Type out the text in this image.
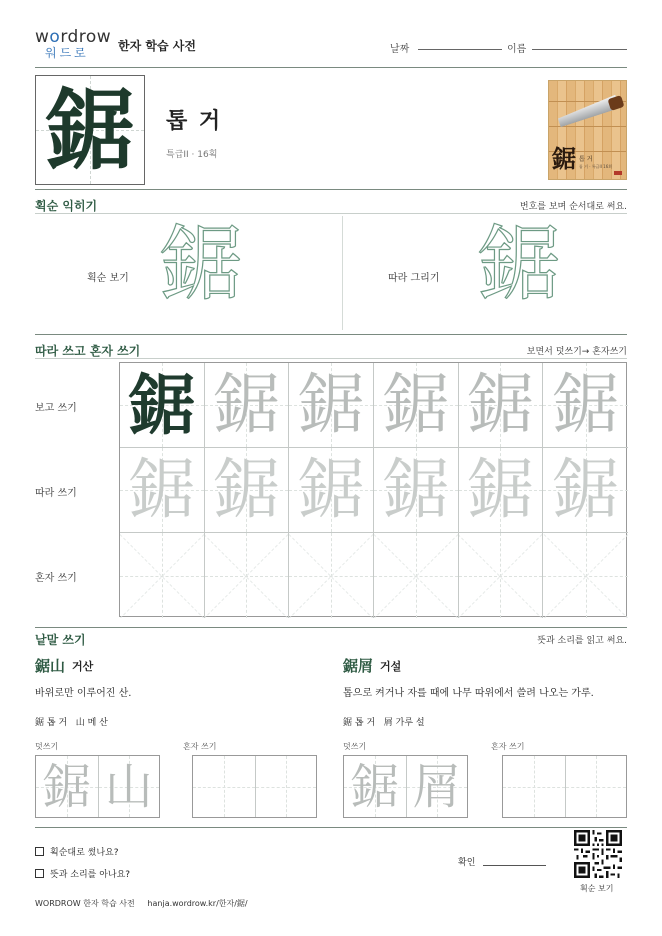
wordrow
워드로 한자 학습 사전	날짜	이름
鋸	톱 거
특급II · 16획	鋸 톱 거
톱 거 · 특급II 16획
획순 익히기	번호를 보며 순서대로 써요.
획순 보기 鋸	따라 그리기 鋸
따라 쓰고 혼자 쓰기	보면서 덧쓰기→ 혼자쓰기
보고 쓰기
따라 쓰기
혼자 쓰기
鋸 鋸 鋸 鋸 鋸 鋸
鋸 鋸 鋸 鋸 鋸 鋸
낱말 쓰기	뜻과 소리를 읽고 써요.
鋸山 거산
바위로만 이루어진 산.
鋸 톱 거 山 메 산
덧쓰기	혼자 쓰기
鋸 山
鋸屑 거설
톱으로 켜거나 자를 때에 나무 따위에서 쓸려 나오는 가루.
鋸 톱 거 屑 가루 설
덧쓰기	혼자 쓰기
鋸 屑
획순대로 썼나요?
뜻과 소리를 아나요?
확인
획순 보기
WORDROW 한자 학습 사전 hanja.wordrow.kr/한자/鋸/
